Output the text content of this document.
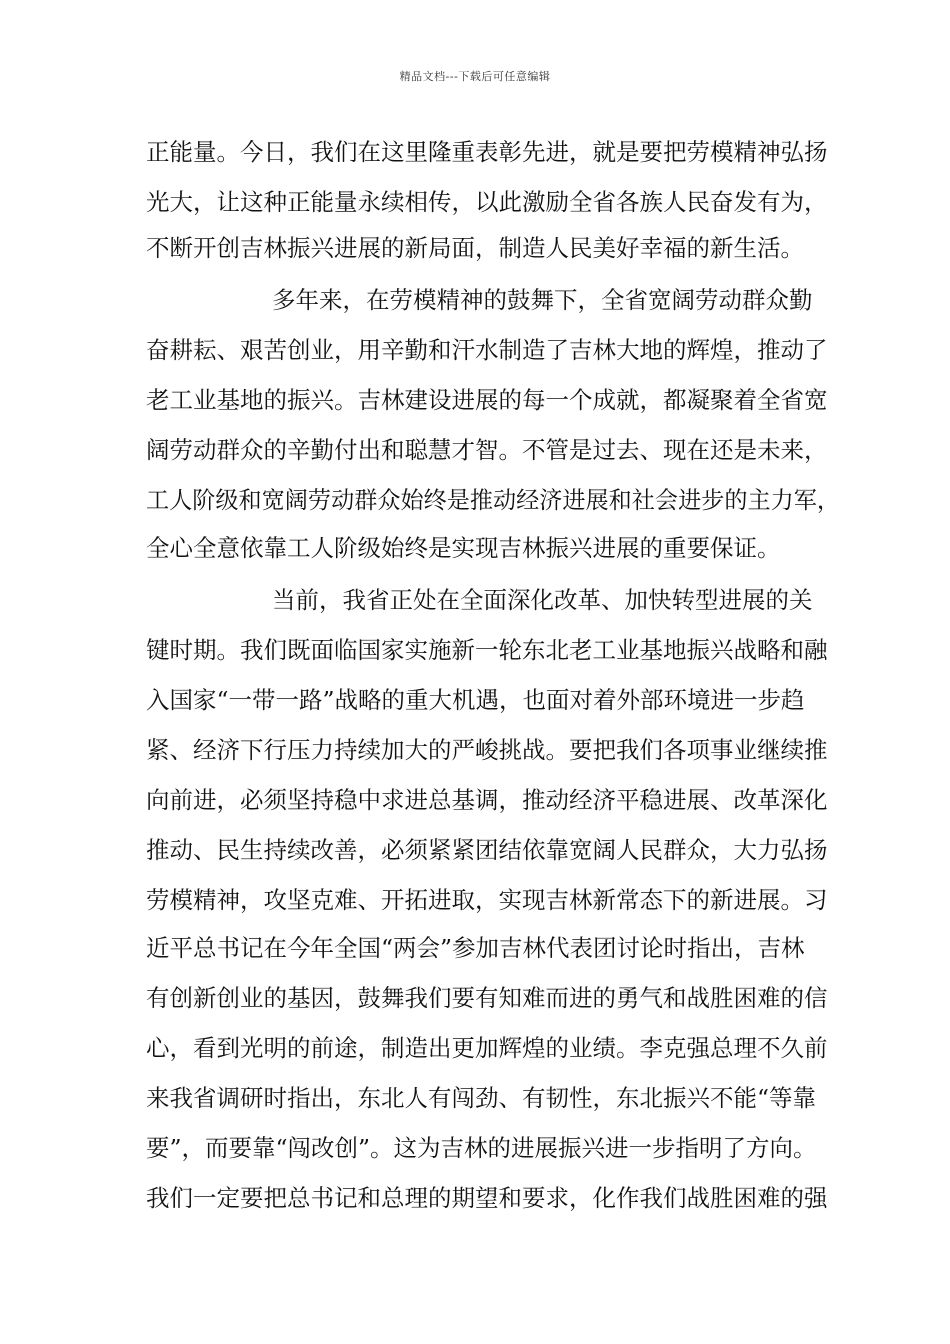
精品文档---下载后可任意编辑
正能量。今日，我们在这里隆重表彰先进，就是要把劳模精神弘扬
光大，让这种正能量永续相传，以此激励全省各族人民奋发有为，
不断开创吉林振兴进展的新局面，制造人民美好幸福的新生活。
多年来，在劳模精神的鼓舞下，全省宽阔劳动群众勤
奋耕耘、艰苦创业，用辛勤和汗水制造了吉林大地的辉煌，推动了
老工业基地的振兴。吉林建设进展的每一个成就，都凝聚着全省宽
阔劳动群众的辛勤付出和聪慧才智。不管是过去、现在还是未来，
工人阶级和宽阔劳动群众始终是推动经济进展和社会进步的主力军，
全心全意依靠工人阶级始终是实现吉林振兴进展的重要保证。
当前，我省正处在全面深化改革、加快转型进展的关
键时期。我们既面临国家实施新一轮东北老工业基地振兴战略和融
入国家“一带一路”战略的重大机遇，也面对着外部环境进一步趋
紧、经济下行压力持续加大的严峻挑战。要把我们各项事业继续推
向前进，必须坚持稳中求进总基调，推动经济平稳进展、改革深化
推动、民生持续改善，必须紧紧团结依靠宽阔人民群众，大力弘扬
劳模精神，攻坚克难、开拓进取，实现吉林新常态下的新进展。习
近平总书记在今年全国“两会”参加吉林代表团讨论时指出，吉林
有创新创业的基因，鼓舞我们要有知难而进的勇气和战胜困难的信
心，看到光明的前途，制造出更加辉煌的业绩。李克强总理不久前
来我省调研时指出，东北人有闯劲、有韧性，东北振兴不能“等靠
要”，而要靠“闯改创”。这为吉林的进展振兴进一步指明了方向。
我们一定要把总书记和总理的期望和要求，化作我们战胜困难的强
